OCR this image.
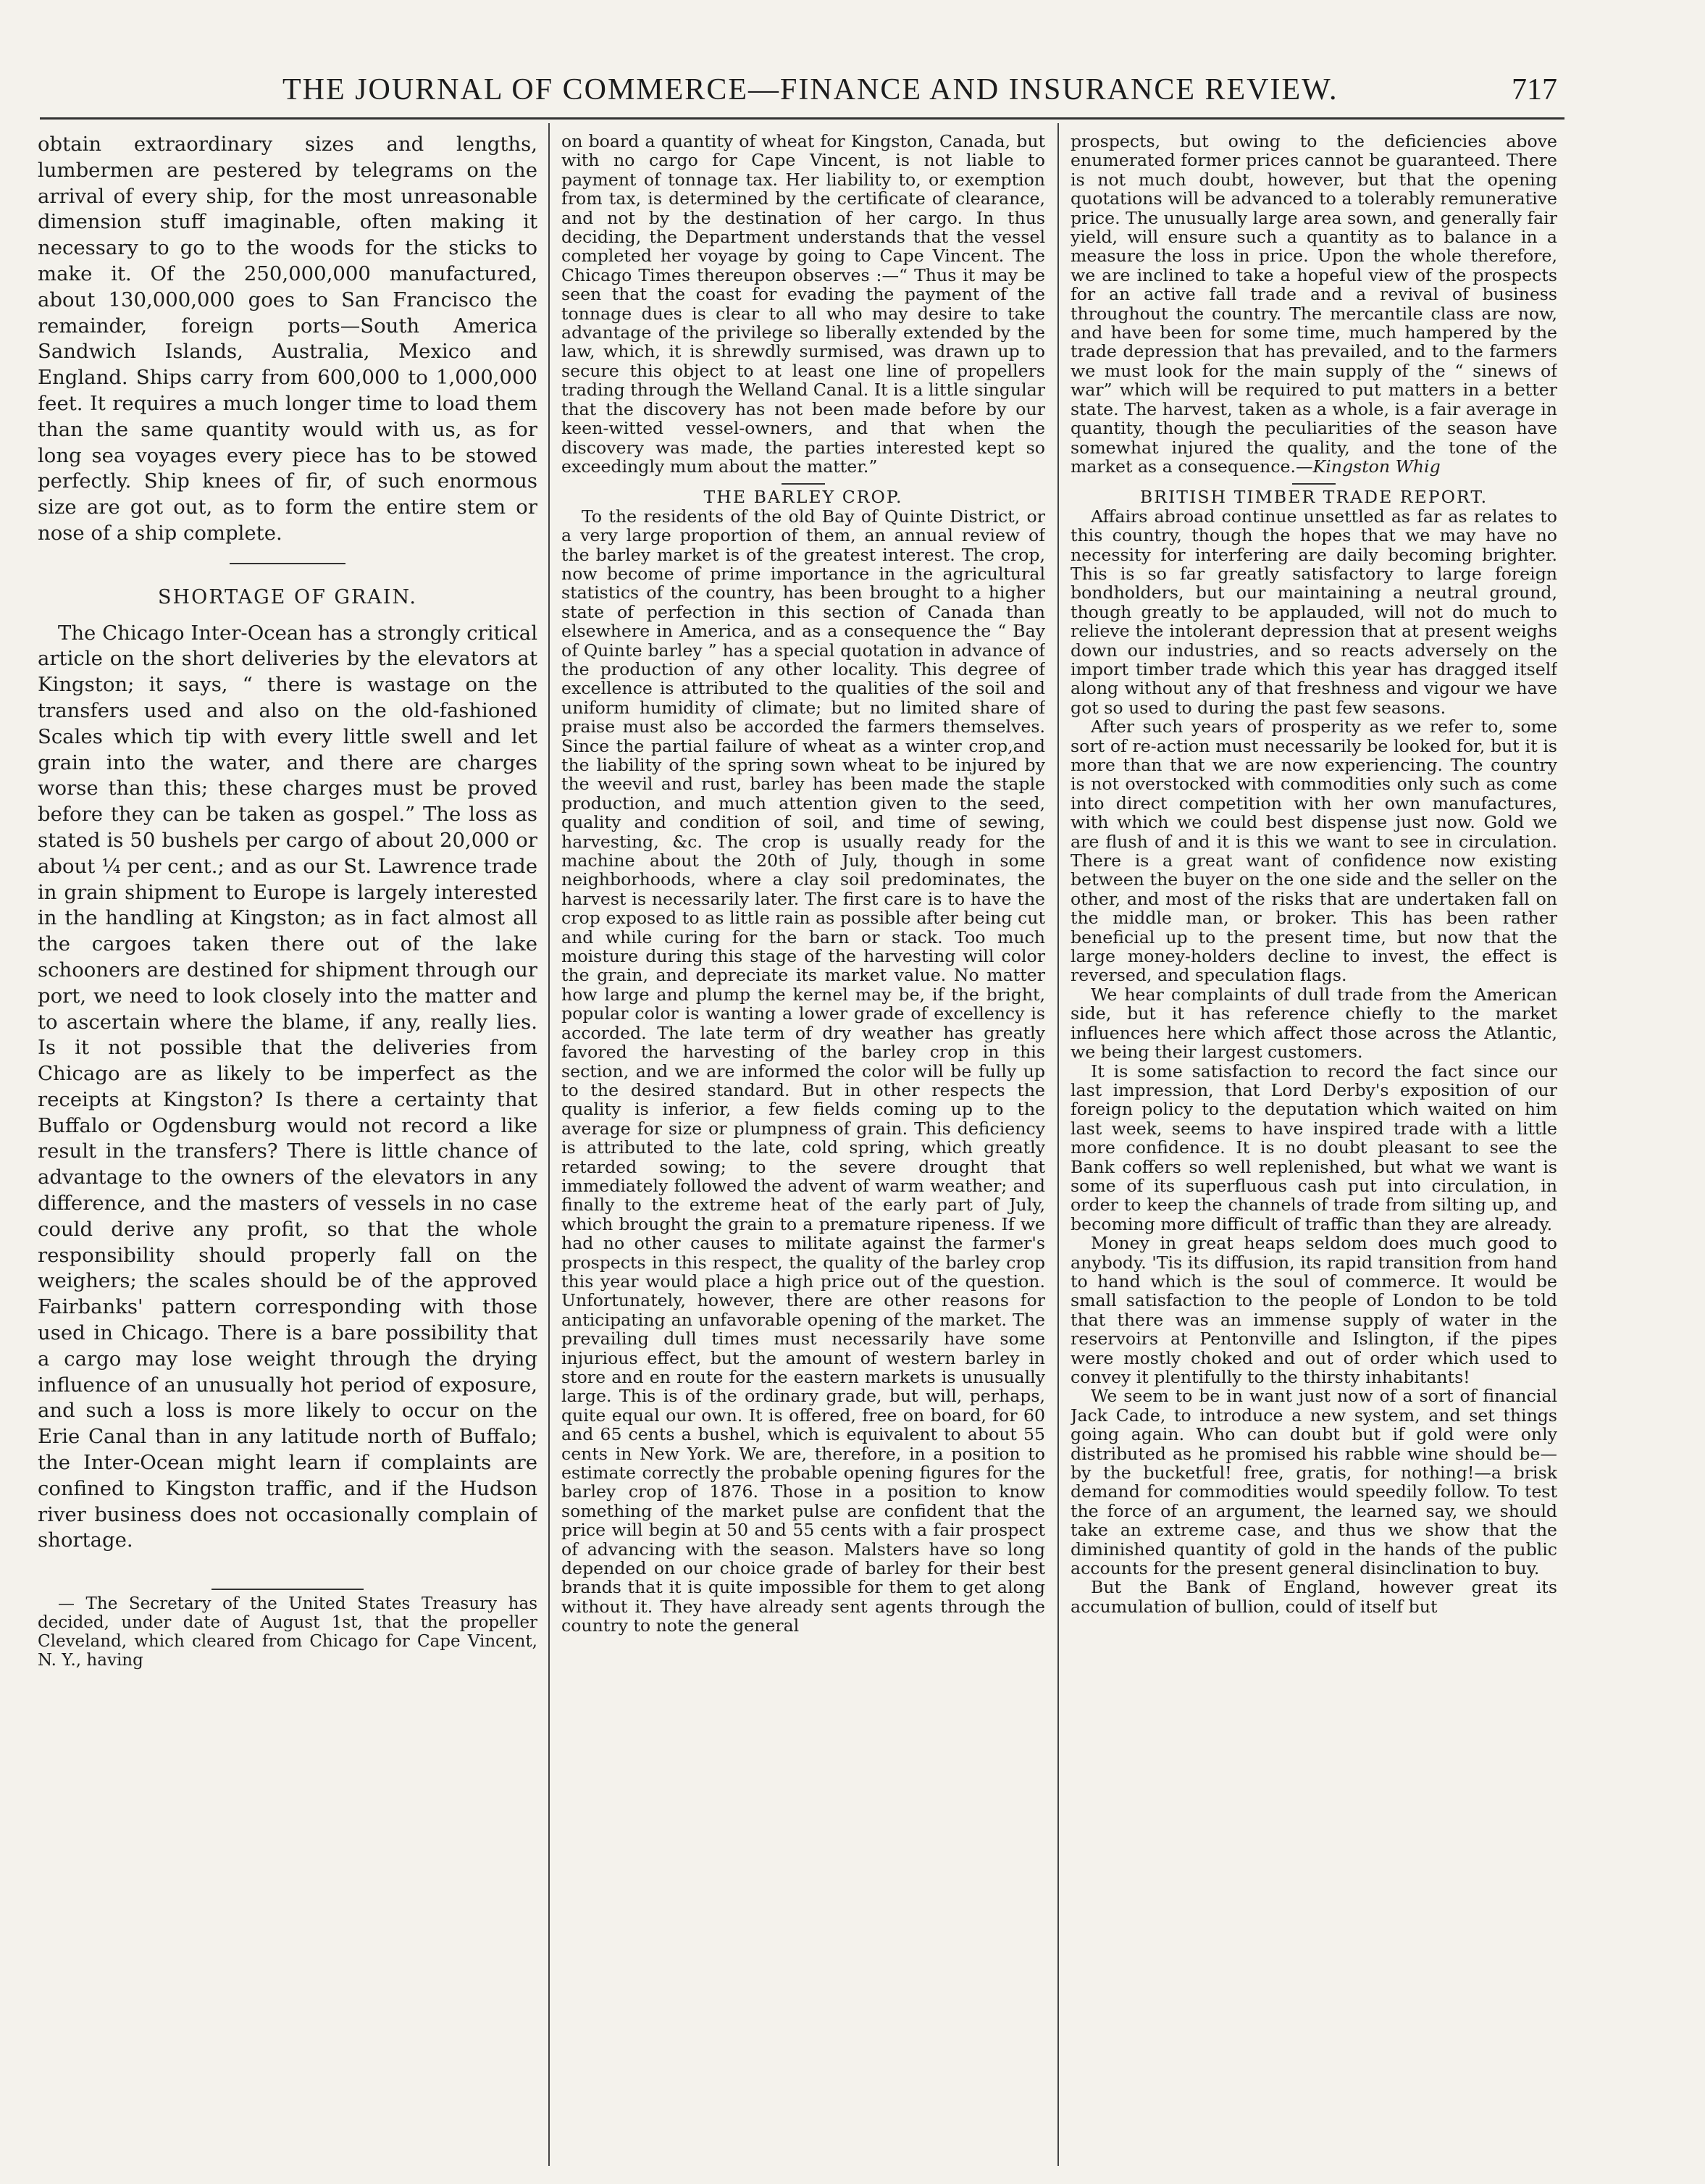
THE JOURNAL OF COMMERCE—FINANCE AND INSURANCE REVIEW.	717

obtain extraordinary sizes and lengths, lumbermen are pestered by telegrams on the arrival of every ship, for the most unreasonable dimension stuff imaginable, often making it necessary to go to the woods for the sticks to make it. Of the 250,000,000 manufactured, about 130,000,000 goes to San Francisco the remainder, foreign ports—South America Sandwich Islands, Australia, Mexico and England. Ships carry from 600,000 to 1,000,000 feet. It requires a much longer time to load them than the same quantity would with us, as for long sea voyages every piece has to be stowed perfectly. Ship knees of fir, of such enormous size are got out, as to form the entire stem or nose of a ship complete.

SHORTAGE OF GRAIN.

The Chicago Inter-Ocean has a strongly critical article on the short deliveries by the elevators at Kingston; it says, “ there is wastage on the transfers used and also on the old-fashioned Scales which tip with every little swell and let grain into the water, and there are charges worse than this; these charges must be proved before they can be taken as gospel.” The loss as stated is 50 bushels per cargo of about 20,000 or about ¼ per cent.; and as our St. Lawrence trade in grain shipment to Europe is largely interested in the handling at Kingston; as in fact almost all the cargoes taken there out of the lake schooners are destined for shipment through our port, we need to look closely into the matter and to ascertain where the blame, if any, really lies. Is it not possible that the deliveries from Chicago are as likely to be imperfect as the receipts at Kingston? Is there a certainty that Buffalo or Ogdensburg would not record a like result in the transfers? There is little chance of advantage to the owners of the elevators in any difference, and the masters of vessels in no case could derive any profit, so that the whole responsibility should properly fall on the weighers; the scales should be of the approved Fairbanks' pattern corresponding with those used in Chicago. There is a bare possibility that a cargo may lose weight through the drying influence of an unusually hot period of exposure, and such a loss is more likely to occur on the Erie Canal than in any latitude north of Buffalo; the Inter-Ocean might learn if complaints are confined to Kingston traffic, and if the Hudson river business does not occasionally complain of shortage.

— The Secretary of the United States Treasury has decided, under date of August 1st, that the propeller Cleveland, which cleared from Chicago for Cape Vincent, N. Y., having

on board a quantity of wheat for Kingston, Canada, but with no cargo for Cape Vincent, is not liable to payment of tonnage tax. Her liability to, or exemption from tax, is determined by the certificate of clearance, and not by the destination of her cargo. In thus deciding, the Department understands that the vessel completed her voyage by going to Cape Vincent. The Chicago Times thereupon observes :—“ Thus it may be seen that the coast for evading the payment of the tonnage dues is clear to all who may desire to take advantage of the privilege so liberally extended by the law, which, it is shrewdly surmised, was drawn up to secure this object to at least one line of propellers trading through the Welland Canal. It is a little singular that the discovery has not been made before by our keen-witted vessel-owners, and that when the discovery was made, the parties interested kept so exceedingly mum about the matter.”

THE BARLEY CROP.

To the residents of the old Bay of Quinte District, or a very large proportion of them, an annual review of the barley market is of the greatest interest. The crop, now become of prime importance in the agricultural statistics of the country, has been brought to a higher state of perfection in this section of Canada than elsewhere in America, and as a consequence the “ Bay of Quinte barley ” has a special quotation in advance of the production of any other locality. This degree of excellence is attributed to the qualities of the soil and uniform humidity of climate; but no limited share of praise must also be accorded the farmers themselves. Since the partial failure of wheat as a winter crop,and the liability of the spring sown wheat to be injured by the weevil and rust, barley has been made the staple production, and much attention given to the seed, quality and condition of soil, and time of sewing, harvesting, &c. The crop is usually ready for the machine about the 20th of July, though in some neighborhoods, where a clay soil predominates, the harvest is necessarily later. The first care is to have the crop exposed to as little rain as possible after being cut and while curing for the barn or stack. Too much moisture during this stage of the harvesting will color the grain, and depreciate its market value. No matter how large and plump the kernel may be, if the bright, popular color is wanting a lower grade of excellency is accorded. The late term of dry weather has greatly favored the harvesting of the barley crop in this section, and we are informed the color will be fully up to the desired standard. But in other respects the quality is inferior, a few fields coming up to the average for size or plumpness of grain. This deficiency is attributed to the late, cold spring, which greatly retarded sowing; to the severe drought that immediately followed the advent of warm weather; and finally to the extreme heat of the early part of July, which brought the grain to a premature ripeness. If we had no other causes to militate against the farmer's prospects in this respect, the quality of the barley crop this year would place a high price out of the question. Unfortunately, however, there are other reasons for anticipating an unfavorable opening of the market. The prevailing dull times must necessarily have some injurious effect, but the amount of western barley in store and en route for the eastern markets is unusually large. This is of the ordinary grade, but will, perhaps, quite equal our own. It is offered, free on board, for 60 and 65 cents a bushel, which is equivalent to about 55 cents in New York. We are, therefore, in a position to estimate correctly the probable opening figures for the barley crop of 1876. Those in a position to know something of the market pulse are confident that the price will begin at 50 and 55 cents with a fair prospect of advancing with the season. Malsters have so long depended on our choice grade of barley for their best brands that it is quite impossible for them to get along without it. They have already sent agents through the country to note the general

prospects, but owing to the deficiencies above enumerated former prices cannot be guaranteed. There is not much doubt, however, but that the opening quotations will be advanced to a tolerably remunerative price. The unusually large area sown, and generally fair yield, will ensure such a quantity as to balance in a measure the loss in price. Upon the whole therefore, we are inclined to take a hopeful view of the prospects for an active fall trade and a revival of business throughout the country. The mercantile class are now, and have been for some time, much hampered by the trade depression that has prevailed, and to the farmers we must look for the main supply of the “ sinews of war” which will be required to put matters in a better state. The harvest, taken as a whole, is a fair average in quantity, though the peculiarities of the season have somewhat injured the quality, and the tone of the market as a consequence.—Kingston Whig

BRITISH TIMBER TRADE REPORT.

Affairs abroad continue unsettled as far as relates to this country, though the hopes that we may have no necessity for interfering are daily becoming brighter. This is so far greatly satisfactory to large foreign bondholders, but our maintaining a neutral ground, though greatly to be applauded, will not do much to relieve the intolerant depression that at present weighs down our industries, and so reacts adversely on the import timber trade which this year has dragged itself along without any of that freshness and vigour we have got so used to during the past few seasons.

After such years of prosperity as we refer to, some sort of re-action must necessarily be looked for, but it is more than that we are now experiencing. The country is not overstocked with commodities only such as come into direct competition with her own manufactures, with which we could best dispense just now. Gold we are flush of and it is this we want to see in circulation. There is a great want of confidence now existing between the buyer on the one side and the seller on the other, and most of the risks that are undertaken fall on the middle man, or broker. This has been rather beneficial up to the present time, but now that the large money-holders decline to invest, the effect is reversed, and speculation flags.

We hear complaints of dull trade from the American side, but it has reference chiefly to the market influences here which affect those across the Atlantic, we being their largest customers.

It is some satisfaction to record the fact since our last impression, that Lord Derby's exposition of our foreign policy to the deputation which waited on him last week, seems to have inspired trade with a little more confidence. It is no doubt pleasant to see the Bank coffers so well replenished, but what we want is some of its superfluous cash put into circulation, in order to keep the channels of trade from silting up, and becoming more difficult of traffic than they are already.

Money in great heaps seldom does much good to anybody. 'Tis its diffusion, its rapid transition from hand to hand which is the soul of commerce. It would be small satisfaction to the people of London to be told that there was an immense supply of water in the reservoirs at Pentonville and Islington, if the pipes were mostly choked and out of order which used to convey it plentifully to the thirsty inhabitants!

We seem to be in want just now of a sort of financial Jack Cade, to introduce a new system, and set things going again. Who can doubt but if gold were only distributed as he promised his rabble wine should be—by the bucketful! free, gratis, for nothing!—a brisk demand for commodities would speedily follow. To test the force of an argument, the learned say, we should take an extreme case, and thus we show that the diminished quantity of gold in the hands of the public accounts for the present general disinclination to buy.

But the Bank of England, however great its accumulation of bullion, could of itself but
